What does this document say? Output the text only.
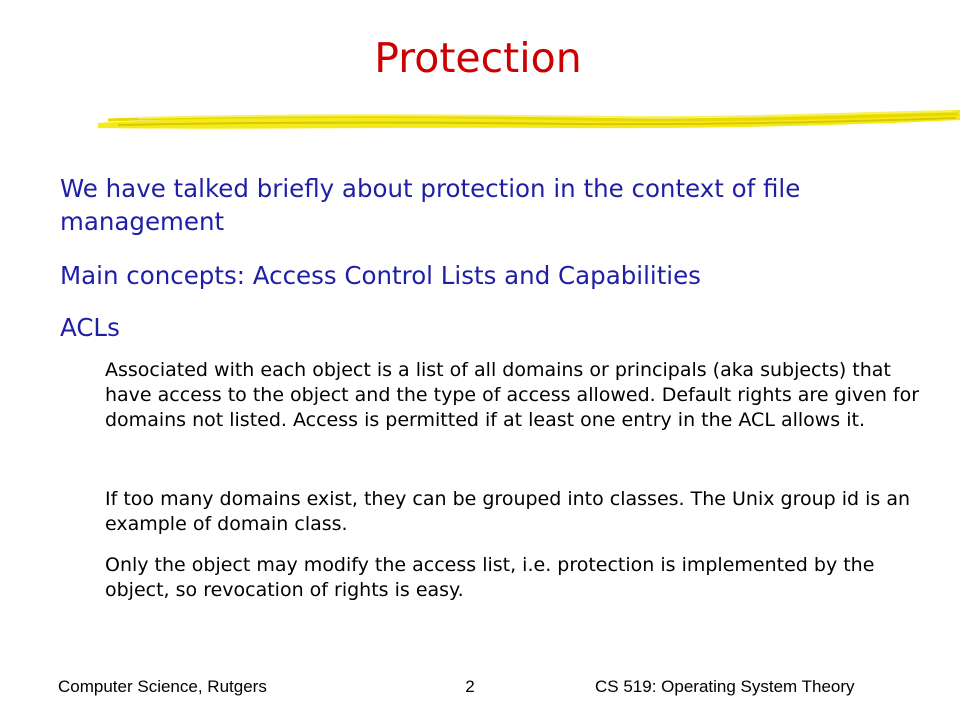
Protection
We have talked briefly about protection in the context of file management
Main concepts: Access Control Lists and Capabilities
ACLs
Associated with each object is a list of all domains or principals (aka subjects) that have access to the object and the type of access allowed. Default rights are given for domains not listed. Access is permitted if at least one entry in the ACL allows it.
If too many domains exist, they can be grouped into classes. The Unix group id is an example of domain class.
Only the object may modify the access list, i.e. protection is implemented by the object, so revocation of rights is easy.
Computer Science, Rutgers	2	CS 519: Operating System Theory
